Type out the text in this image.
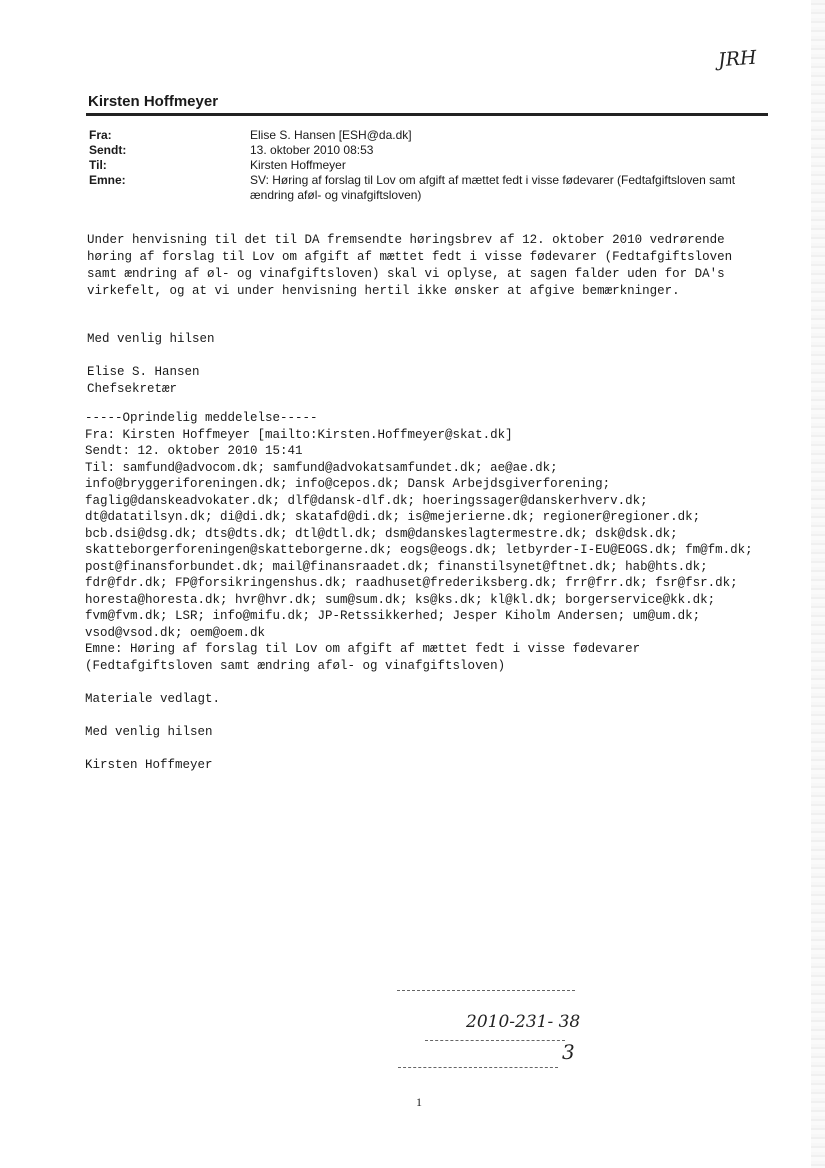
JRH
Kirsten Hoffmeyer
Fra:	Elise S. Hansen [ESH@da.dk]
Sendt:	13. oktober 2010 08:53
Til:	Kirsten Hoffmeyer
Emne:	SV: Høring af forslag til Lov om afgift af mættet fedt i visse fødevarer (Fedtafgiftsloven samt ændring aføl- og vinafgiftsloven)
Under henvisning til det til DA fremsendte høringsbrev af 12. oktober 2010 vedrørende
høring af forslag til Lov om afgift af mættet fedt i visse fødevarer (Fedtafgiftsloven
samt ændring af øl- og vinafgiftsloven) skal vi oplyse, at sagen falder uden for DA's
virkefelt, og at vi under henvisning hertil ikke ønsker at afgive bemærkninger.
Med venlig hilsen
Elise S. Hansen
Chefsekretær
-----Oprindelig meddelelse-----
Fra: Kirsten Hoffmeyer [mailto:Kirsten.Hoffmeyer@skat.dk]
Sendt: 12. oktober 2010 15:41
Til: samfund@advocom.dk; samfund@advokatsamfundet.dk; ae@ae.dk;
info@bryggeriforeningen.dk; info@cepos.dk; Dansk Arbejdsgiverforening;
faglig@danskeadvokater.dk; dlf@dansk-dlf.dk; hoeringssager@danskerhverv.dk;
dt@datatilsyn.dk; di@di.dk; skatafd@di.dk; is@mejerierne.dk; regioner@regioner.dk;
bcb.dsi@dsg.dk; dts@dts.dk; dtl@dtl.dk; dsm@danskeslagtermestre.dk; dsk@dsk.dk;
skatteborgerforeningen@skatteborgerne.dk; eogs@eogs.dk; letbyrder-I-EU@EOGS.dk; fm@fm.dk;
post@finansforbundet.dk; mail@finansraadet.dk; finanstilsynet@ftnet.dk; hab@hts.dk;
fdr@fdr.dk; FP@forsikringenshus.dk; raadhuset@frederiksberg.dk; frr@frr.dk; fsr@fsr.dk;
horesta@horesta.dk; hvr@hvr.dk; sum@sum.dk; ks@ks.dk; kl@kl.dk; borgerservice@kk.dk;
fvm@fvm.dk; LSR; info@mifu.dk; JP-Retssikkerhed; Jesper Kiholm Andersen; um@um.dk;
vsod@vsod.dk; oem@oem.dk
Emne: Høring af forslag til Lov om afgift af mættet fedt i visse fødevarer
(Fedtafgiftsloven samt ændring aføl- og vinafgiftsloven)

Materiale vedlagt.

Med venlig hilsen

Kirsten Hoffmeyer
2010-231- 38
3
1
